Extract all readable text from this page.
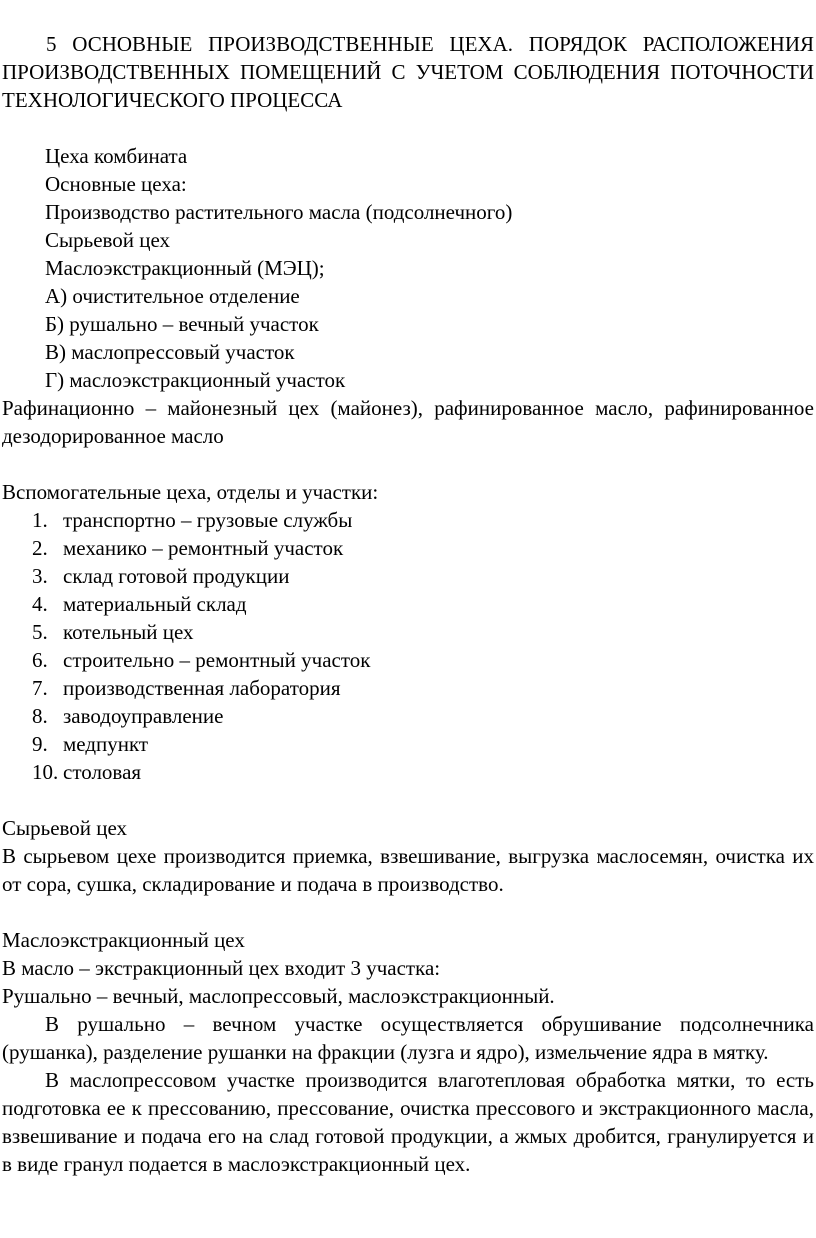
5 ОСНОВНЫЕ ПРОИЗВОДСТВЕННЫЕ ЦЕХА. ПОРЯДОК РАСПОЛОЖЕНИЯ ПРОИЗВОДСТВЕННЫХ ПОМЕЩЕНИЙ С УЧЕТОМ СОБЛЮДЕНИЯ ПОТОЧНОСТИ ТЕХНОЛОГИЧЕСКОГО ПРОЦЕССА

Цеха комбината

Основные цеха:

Производство растительного масла (подсолнечного)

Сырьевой цех

Маслоэкстракционный (МЭЦ);

А) очистительное отделение

Б) рушально – вечный участок

В) маслопрессовый участок

Г) маслоэкстракционный участок

Рафинационно – майонезный цех (майонез), рафинированное масло, рафинированное дезодорированное масло

Вспомогательные цеха, отделы и участки:

1. транспортно – грузовые службы
2. механико – ремонтный участок
3. склад готовой продукции
4. материальный склад
5. котельный цех
6. строительно – ремонтный участок
7. производственная лаборатория
8. заводоуправление
9. медпункт
10. столовая

Сырьевой цех

В сырьевом цехе производится приемка, взвешивание, выгрузка маслосемян, очистка их от сора, сушка, складирование и подача в производство.

Маслоэкстракционный цех

В масло – экстракционный цех входит 3 участка:

Рушально – вечный, маслопрессовый, маслоэкстракционный.

В рушально – вечном участке осуществляется обрушивание подсолнечника (рушанка), разделение рушанки на фракции (лузга и ядро), измельчение ядра в мятку.

В маслопрессовом участке производится влаготепловая обработка мятки, то есть подготовка ее к прессованию, прессование, очистка прессового и экстракционного масла, взвешивание и подача его на слад готовой продукции, а жмых дробится, гранулируется и в виде гранул подается в маслоэкстракционный цех.
